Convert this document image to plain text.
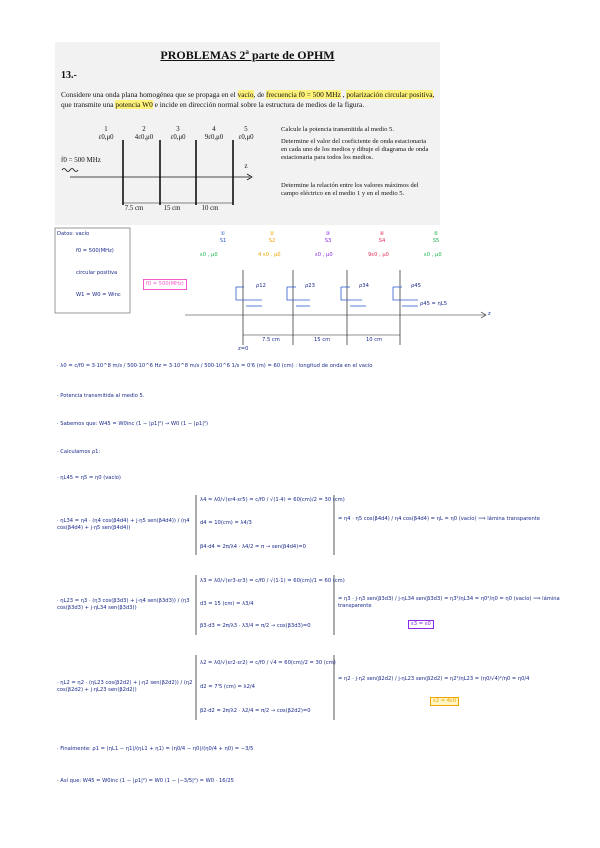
PROBLEMAS 2ª parte de OPHM
13.-
Considere una onda plana homogénea que se propaga en el vacío, de frecuencia f0 = 500 MHz , polarización circular positiva, que transmite una potencia W0 e incide en dirección normal sobre la estructura de medios de la figura.
1
ε0,μ0
2
4ε0,μ0
3
ε0,μ0
4
9ε0,μ0
5
ε0,μ0
f0 = 500 MHz
z
7.5 cm	15 cm	10 cm
Calcule la potencia transmitida al medio 5.
Determine el valor del coeficiente de onda estacionaria en cada uno de los medios y dibuje el diagrama de onda estacionaria para todos los medios.
Determine la relación entre los valores máximos del campo eléctrico en el medio 1 y en el medio 5.
Datos: vacío
f0 = 500(MHz)
circular positiva
W1 = W0 = Winc
f0 = 500(MHz)
①
S1
ε0 , μ0
②
S2
4 ε0 , μ0
③
S3
ε0 , μ0
④
S4
9ε0 , μ0
⑤
S5
ε0 , μ0
ρ12	ρ23	ρ34	ρ45
ρ45 = ηL5
7.5 cm	15 cm	10 cm
z=0
z
· λ0 = c/f0 = 3·10^8 m/s / 500·10^6 Hz = 3·10^8 m/s / 500·10^6 1/s = 0'6 (m) = 60 (cm) : longitud de onda en el vacío
· Potencia transmitida al medio 5.
· Sabemos que: W45 = W0inc (1 − |ρ1|²) → W0 (1 − |ρ1|²)
· Calculamos ρ1:
· ηL45 = η5 = η0 (vacío)
· ηL34 = η4 · (η4 cos(β4d4) + j·η5 sen(β4d4)) / (η4 cos(β4d4) + j·η5 sen(β4d4))
λ4 = λ0/√(εr4·εr5) = c/f0 / √(1·4) = 60(cm)/2 = 30 (cm)
d4 = 10(cm) = λ4/3
β4·d4 = 2π/λ4 · λ4/2 = π → sen(β4d4)=0
= η4 · η5 cos(β4d4) / η4 cos(β4d4) = ηL = η0 (vacío) ⟹ lámina transparente
· ηL23 = η3 · (η3 cos(β3d3) + j·η4 sen(β3d3)) / (η3 cos(β3d3) + j·ηL34 sen(β3d3))
λ3 = λ0/√(εr3·εr3) = c/f0 / √(1·1) = 60(cm)/1 = 60 (cm)
d3 = 15 (cm) = λ3/4
β3·d3 = 2π/λ3 · λ3/4 = π/2 → cos(β3d3)=0
= η3 · j·η3 sen(β3d3) / j·ηL34 sen(β3d3) = η3²/ηL34 = η0²/η0 = η0 (vacío) ⟹ lámina transparente
ε3 = ε0
· ηL2 = η2 · (ηL23 cos(β2d2) + j·η2 sen(β2d2)) / (η2 cos(β2d2) + j·ηL23 sen(β2d2))
λ2 = λ0/√(εr2·εr2) = c/f0 / √4 = 60(cm)/2 = 30 (cm)
d2 = 7'5 (cm) = λ2/4
β2·d2 = 2π/λ2 · λ2/4 = π/2 → cos(β2d2)=0
= η2 · j·η2 sen(β2d2) / j·ηL23 sen(β2d2) = η2²/ηL23 = (η0/√4)²/η0 = η0/4
ε2 = 4ε0
· Finalmente: ρ1 = (ηL1 − η1)/(ηL1 + η1) = (η0/4 − η0)/(η0/4 + η0) = −3/5
· Así que: W45 = W0inc (1 − |ρ1|²) = W0 (1 − |−3/5|²) = W0 · 16/25
